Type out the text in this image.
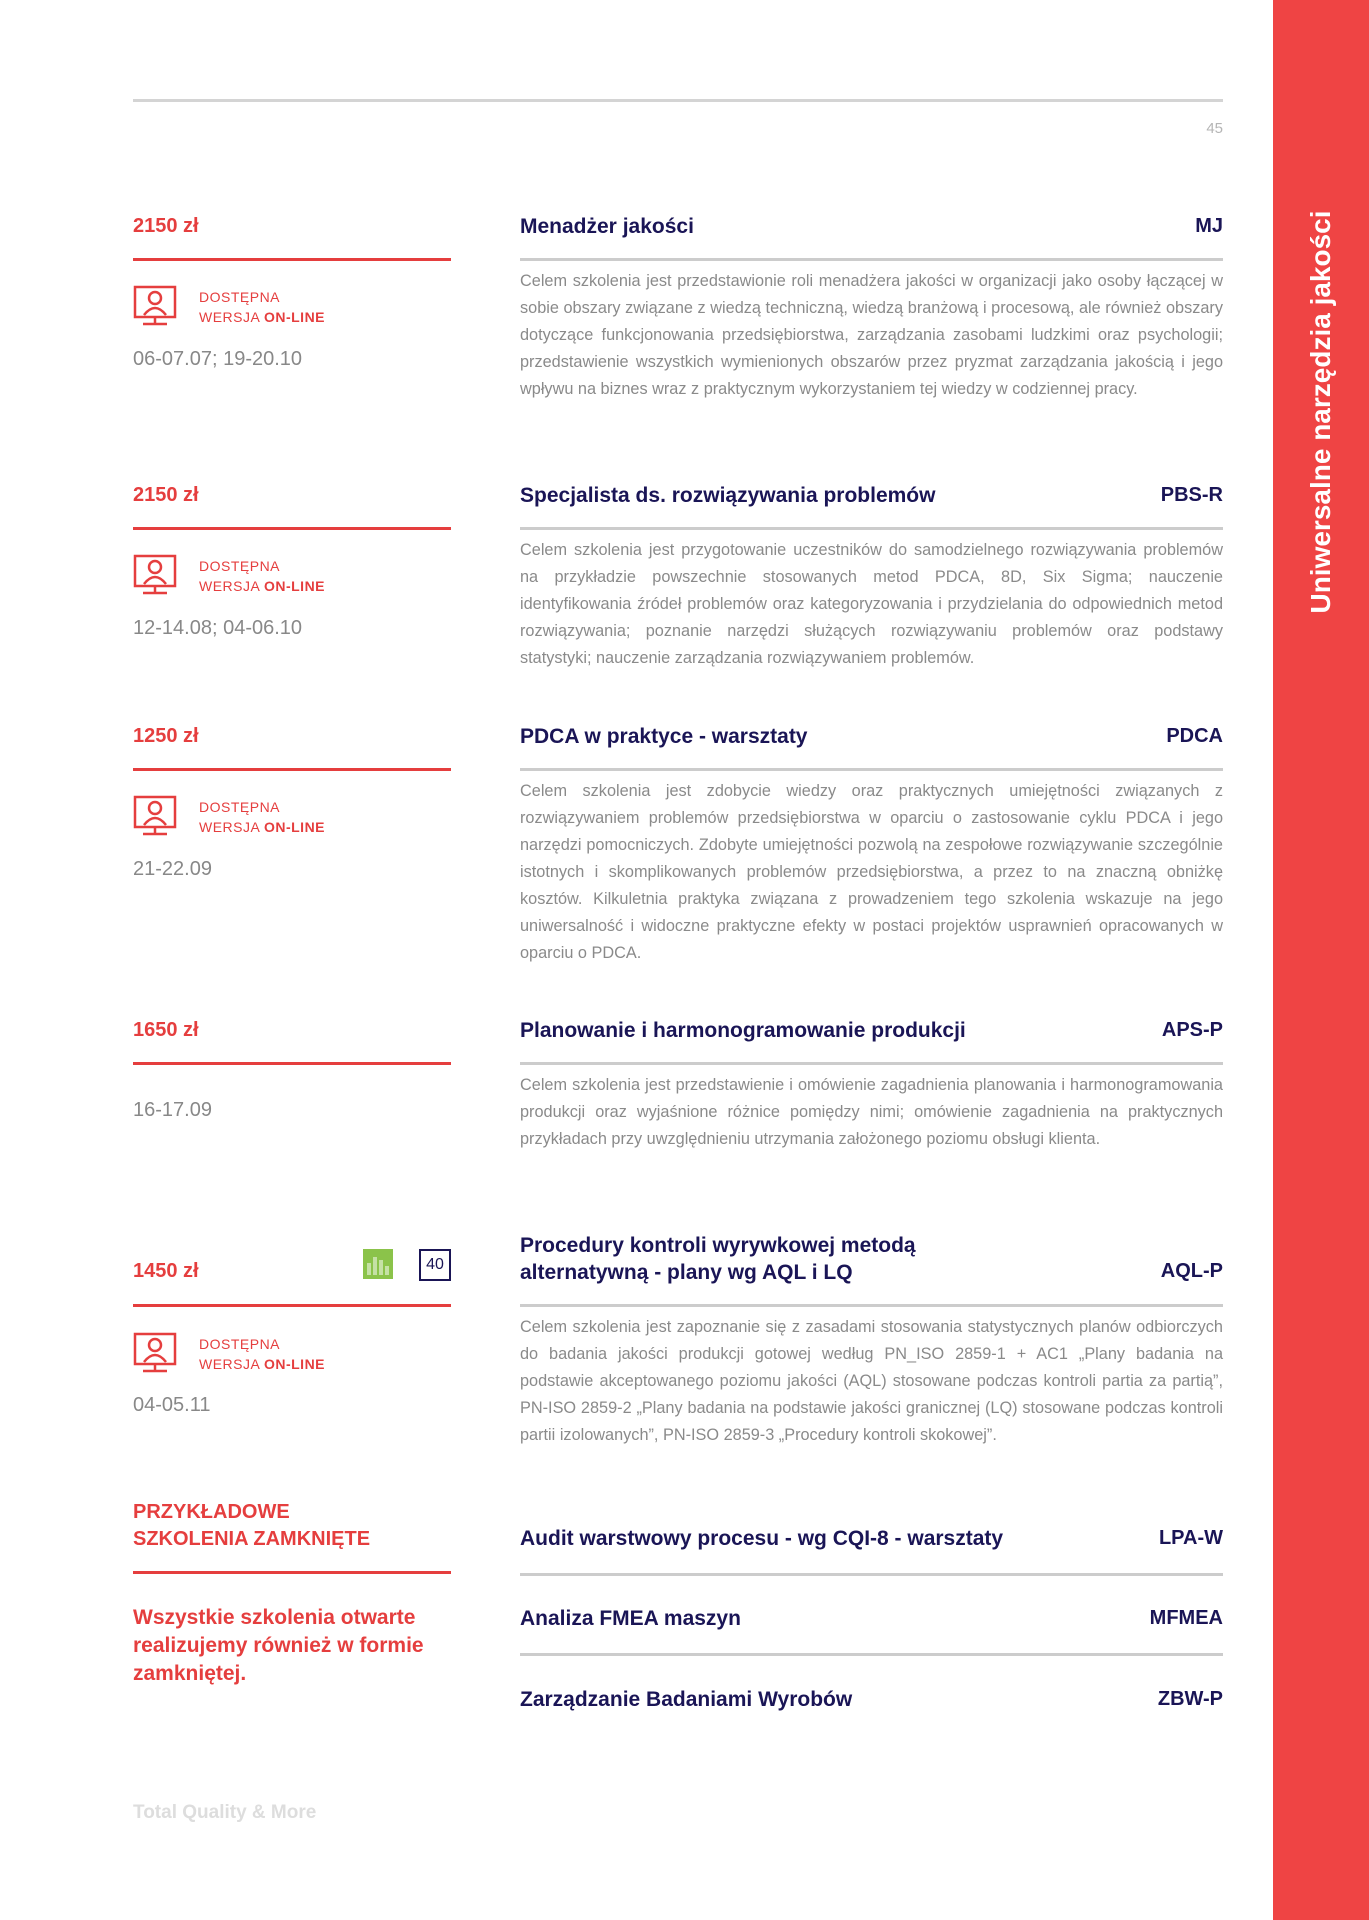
45
Uniwersalne narzędzia jakości
2150 zł	Menadżer jakości	MJ
DOSTĘPNA
WERSJA ON-LINE
06-07.07; 19-20.10

Celem szkolenia jest przedstawionie roli menadżera jakości w organizacji jako osoby łączącej w sobie obszary związane z wiedzą techniczną, wiedzą branżową i procesową, ale również obszary dotyczące funkcjonowania przedsiębiorstwa, zarządzania zasobami ludzkimi oraz psychologii; przedstawienie wszystkich wymienionych obszarów przez pryzmat zarządzania jakością i jego wpływu na biznes wraz z praktycznym wykorzystaniem tej wiedzy w codziennej pracy.

2150 zł	Specjalista ds. rozwiązywania problemów	PBS-R
DOSTĘPNA
WERSJA ON-LINE
12-14.08; 04-06.10

Celem szkolenia jest przygotowanie uczestników do samodzielnego rozwiązywania problemów na przykładzie powszechnie stosowanych metod PDCA, 8D, Six Sigma; nauczenie identyfikowania źródeł problemów oraz kategoryzowania i przydzielania do odpowiednich metod rozwiązywania; poznanie narzędzi służących rozwiązywaniu problemów oraz podstawy statystyki; nauczenie zarządzania rozwiązywaniem problemów.

1250 zł	PDCA w praktyce - warsztaty	PDCA
DOSTĘPNA
WERSJA ON-LINE
21-22.09

Celem szkolenia jest zdobycie wiedzy oraz praktycznych umiejętności związanych z rozwiązywaniem problemów przedsiębiorstwa w oparciu o zastosowanie cyklu PDCA i jego narzędzi pomocniczych. Zdobyte umiejętności pozwolą na zespołowe rozwiązywanie szczególnie istotnych i skomplikowanych problemów przedsiębiorstwa, a przez to na znaczną obniżkę kosztów. Kilkuletnia praktyka związana z prowadzeniem tego szkolenia wskazuje na jego uniwersalność i widoczne praktyczne efekty w postaci projektów usprawnień opracowanych w oparciu o PDCA.

1650 zł	Planowanie i harmonogramowanie produkcji	APS-P
16-17.09

Celem szkolenia jest przedstawienie i omówienie zagadnienia planowania i harmonogramowania produkcji oraz wyjaśnione różnice pomiędzy nimi; omówienie zagadnienia na praktycznych przykładach przy uwzględnieniu utrzymania założonego poziomu obsługi klienta.

Procedury kontroli wyrywkowej metodą alternatywną - plany wg AQL i LQ
1450 zł	40	AQL-P
DOSTĘPNA
WERSJA ON-LINE
04-05.11

Celem szkolenia jest zapoznanie się z zasadami stosowania statystycznych planów odbiorczych do badania jakości produkcji gotowej według PN_ISO 2859-1 + AC1 „Plany badania na podstawie akceptowanego poziomu jakości (AQL) stosowane podczas kontroli partia za partią”, PN-ISO 2859-2 „Plany badania na podstawie jakości granicznej (LQ) stosowane podczas kontroli partii izolowanych”, PN-ISO 2859-3 „Procedury kontroli skokowej”.

PRZYKŁADOWE
SZKOLENIA ZAMKNIĘTE
Wszystkie szkolenia otwarte realizujemy również w formie zamkniętej.
Audit warstwowy procesu - wg CQI-8 - warsztaty	LPA-W
Analiza FMEA maszyn	MFMEA
Zarządzanie Badaniami Wyrobów	ZBW-P
Total Quality & More
